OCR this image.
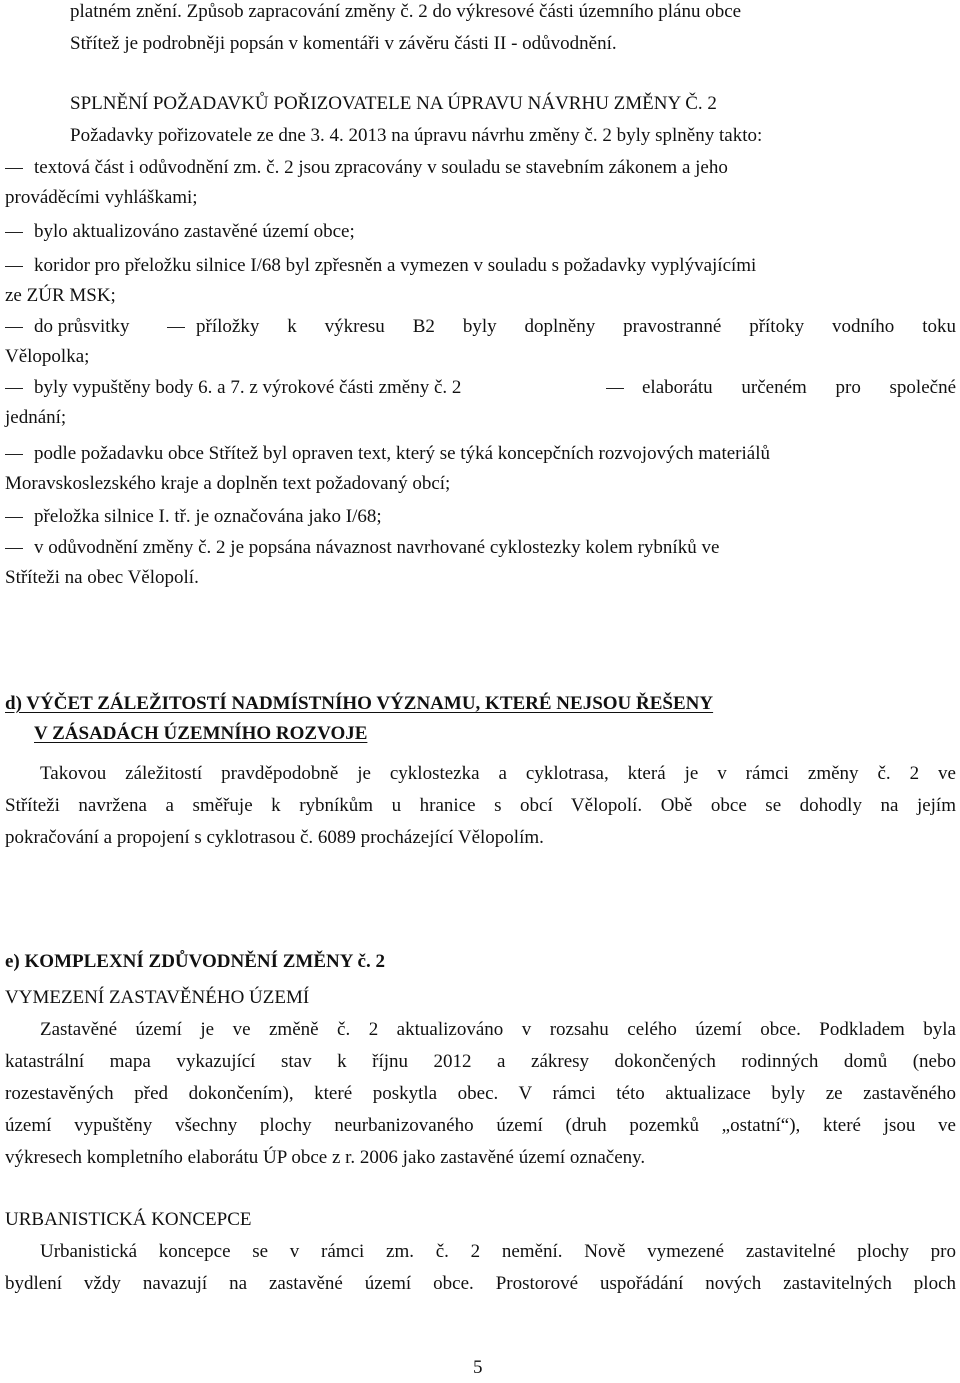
platném znění. Způsob zapracování změny č. 2 do výkresové části územního plánu obce
Střítež je podrobněji popsán v komentáři v závěru části II - odůvodnění.
SPLNĚNÍ POŽADAVKŮ POŘIZOVATELE NA ÚPRAVU NÁVRHU ZMĚNY Č. 2
Požadavky pořizovatele ze dne 3. 4. 2013 na úpravu návrhu změny č. 2 byly splněny takto:
textová část i odůvodnění zm. č. 2 jsou zpracovány v souladu se stavebním zákonem a jeho
prováděcími vyhláškami;
bylo aktualizováno zastavěné území obce;
koridor pro přeložku silnice I/68 byl zpřesněn a vymezen v souladu s požadavky vyplývajícími
ze ZÚR MSK;
do průsvitky	příložky k výkresu B2 byly doplněny pravostranné přítoky vodního toku
Vělopolka;
byly vypuštěny body 6. a 7. z výrokové části změny č. 2	elaborátu určeném pro společné
jednání;
podle požadavku obce Střítež byl opraven text, který se týká koncepčních rozvojových materiálů
Moravskoslezského kraje a doplněn text požadovaný obcí;
přeložka silnice I. tř. je označována jako I/68;
v odůvodnění změny č. 2 je popsána návaznost navrhované cyklostezky kolem rybníků ve
Stříteži na obec Vělopolí.
d) VÝČET ZÁLEŽITOSTÍ NADMÍSTNÍHO VÝZNAMU, KTERÉ NEJSOU ŘEŠENY
V ZÁSADÁCH ÚZEMNÍHO ROZVOJE
Takovou záležitostí pravděpodobně je cyklostezka a cyklotrasa, která je v rámci změny č. 2 ve
Stříteži navržena a směřuje k rybníkům u hranice s obcí Vělopolí. Obě obce se dohodly na jejím
pokračování a propojení s cyklotrasou č. 6089 procházející Vělopolím.
e) KOMPLEXNÍ ZDŮVODNĚNÍ ZMĚNY č. 2
VYMEZENÍ ZASTAVĚNÉHO ÚZEMÍ
Zastavěné území je ve změně č. 2 aktualizováno v rozsahu celého území obce. Podkladem byla
katastrální mapa vykazující stav k říjnu 2012 a zákresy dokončených rodinných domů (nebo
rozestavěných před dokončením), které poskytla obec. V rámci této aktualizace byly ze zastavěného
území vypuštěny všechny plochy neurbanizovaného území (druh pozemků „ostatní“), které jsou ve
výkresech kompletního elaborátu ÚP obce z r. 2006 jako zastavěné území označeny.
URBANISTICKÁ KONCEPCE
Urbanistická koncepce se v rámci zm. č. 2 nemění. Nově vymezené zastavitelné plochy pro
bydlení vždy navazují na zastavěné území obce. Prostorové uspořádání nových zastavitelných ploch
5
